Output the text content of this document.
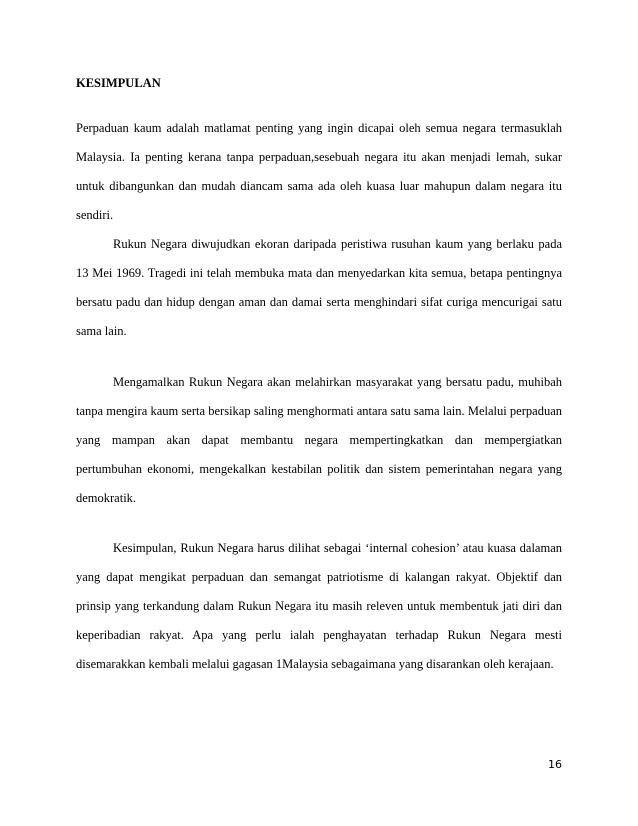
KESIMPULAN

Perpaduan kaum adalah matlamat penting yang ingin dicapai oleh semua negara termasuklah Malaysia. Ia penting kerana tanpa perpaduan,sesebuah negara itu akan menjadi lemah, sukar untuk dibangunkan dan mudah diancam sama ada oleh kuasa luar mahupun dalam negara itu sendiri.

Rukun Negara diwujudkan ekoran daripada peristiwa rusuhan kaum yang berlaku pada 13 Mei 1969. Tragedi ini telah membuka mata dan menyedarkan kita semua, betapa pentingnya bersatu padu dan hidup dengan aman dan damai serta menghindari sifat curiga mencurigai satu sama lain.

Mengamalkan Rukun Negara akan melahirkan masyarakat yang bersatu padu, muhibah tanpa mengira kaum serta bersikap saling menghormati antara satu sama lain. Melalui perpaduan yang mampan akan dapat membantu negara mempertingkatkan dan mempergiatkan pertumbuhan ekonomi, mengekalkan kestabilan politik dan sistem pemerintahan negara yang demokratik.

Kesimpulan, Rukun Negara harus dilihat sebagai ‘internal cohesion’ atau kuasa dalaman yang dapat mengikat perpaduan dan semangat patriotisme di kalangan rakyat. Objektif dan prinsip yang terkandung dalam Rukun Negara itu masih releven untuk membentuk jati diri dan keperibadian rakyat. Apa yang perlu ialah penghayatan terhadap Rukun Negara mesti disemarakkan kembali melalui gagasan 1Malaysia sebagaimana yang disarankan oleh kerajaan.

16
